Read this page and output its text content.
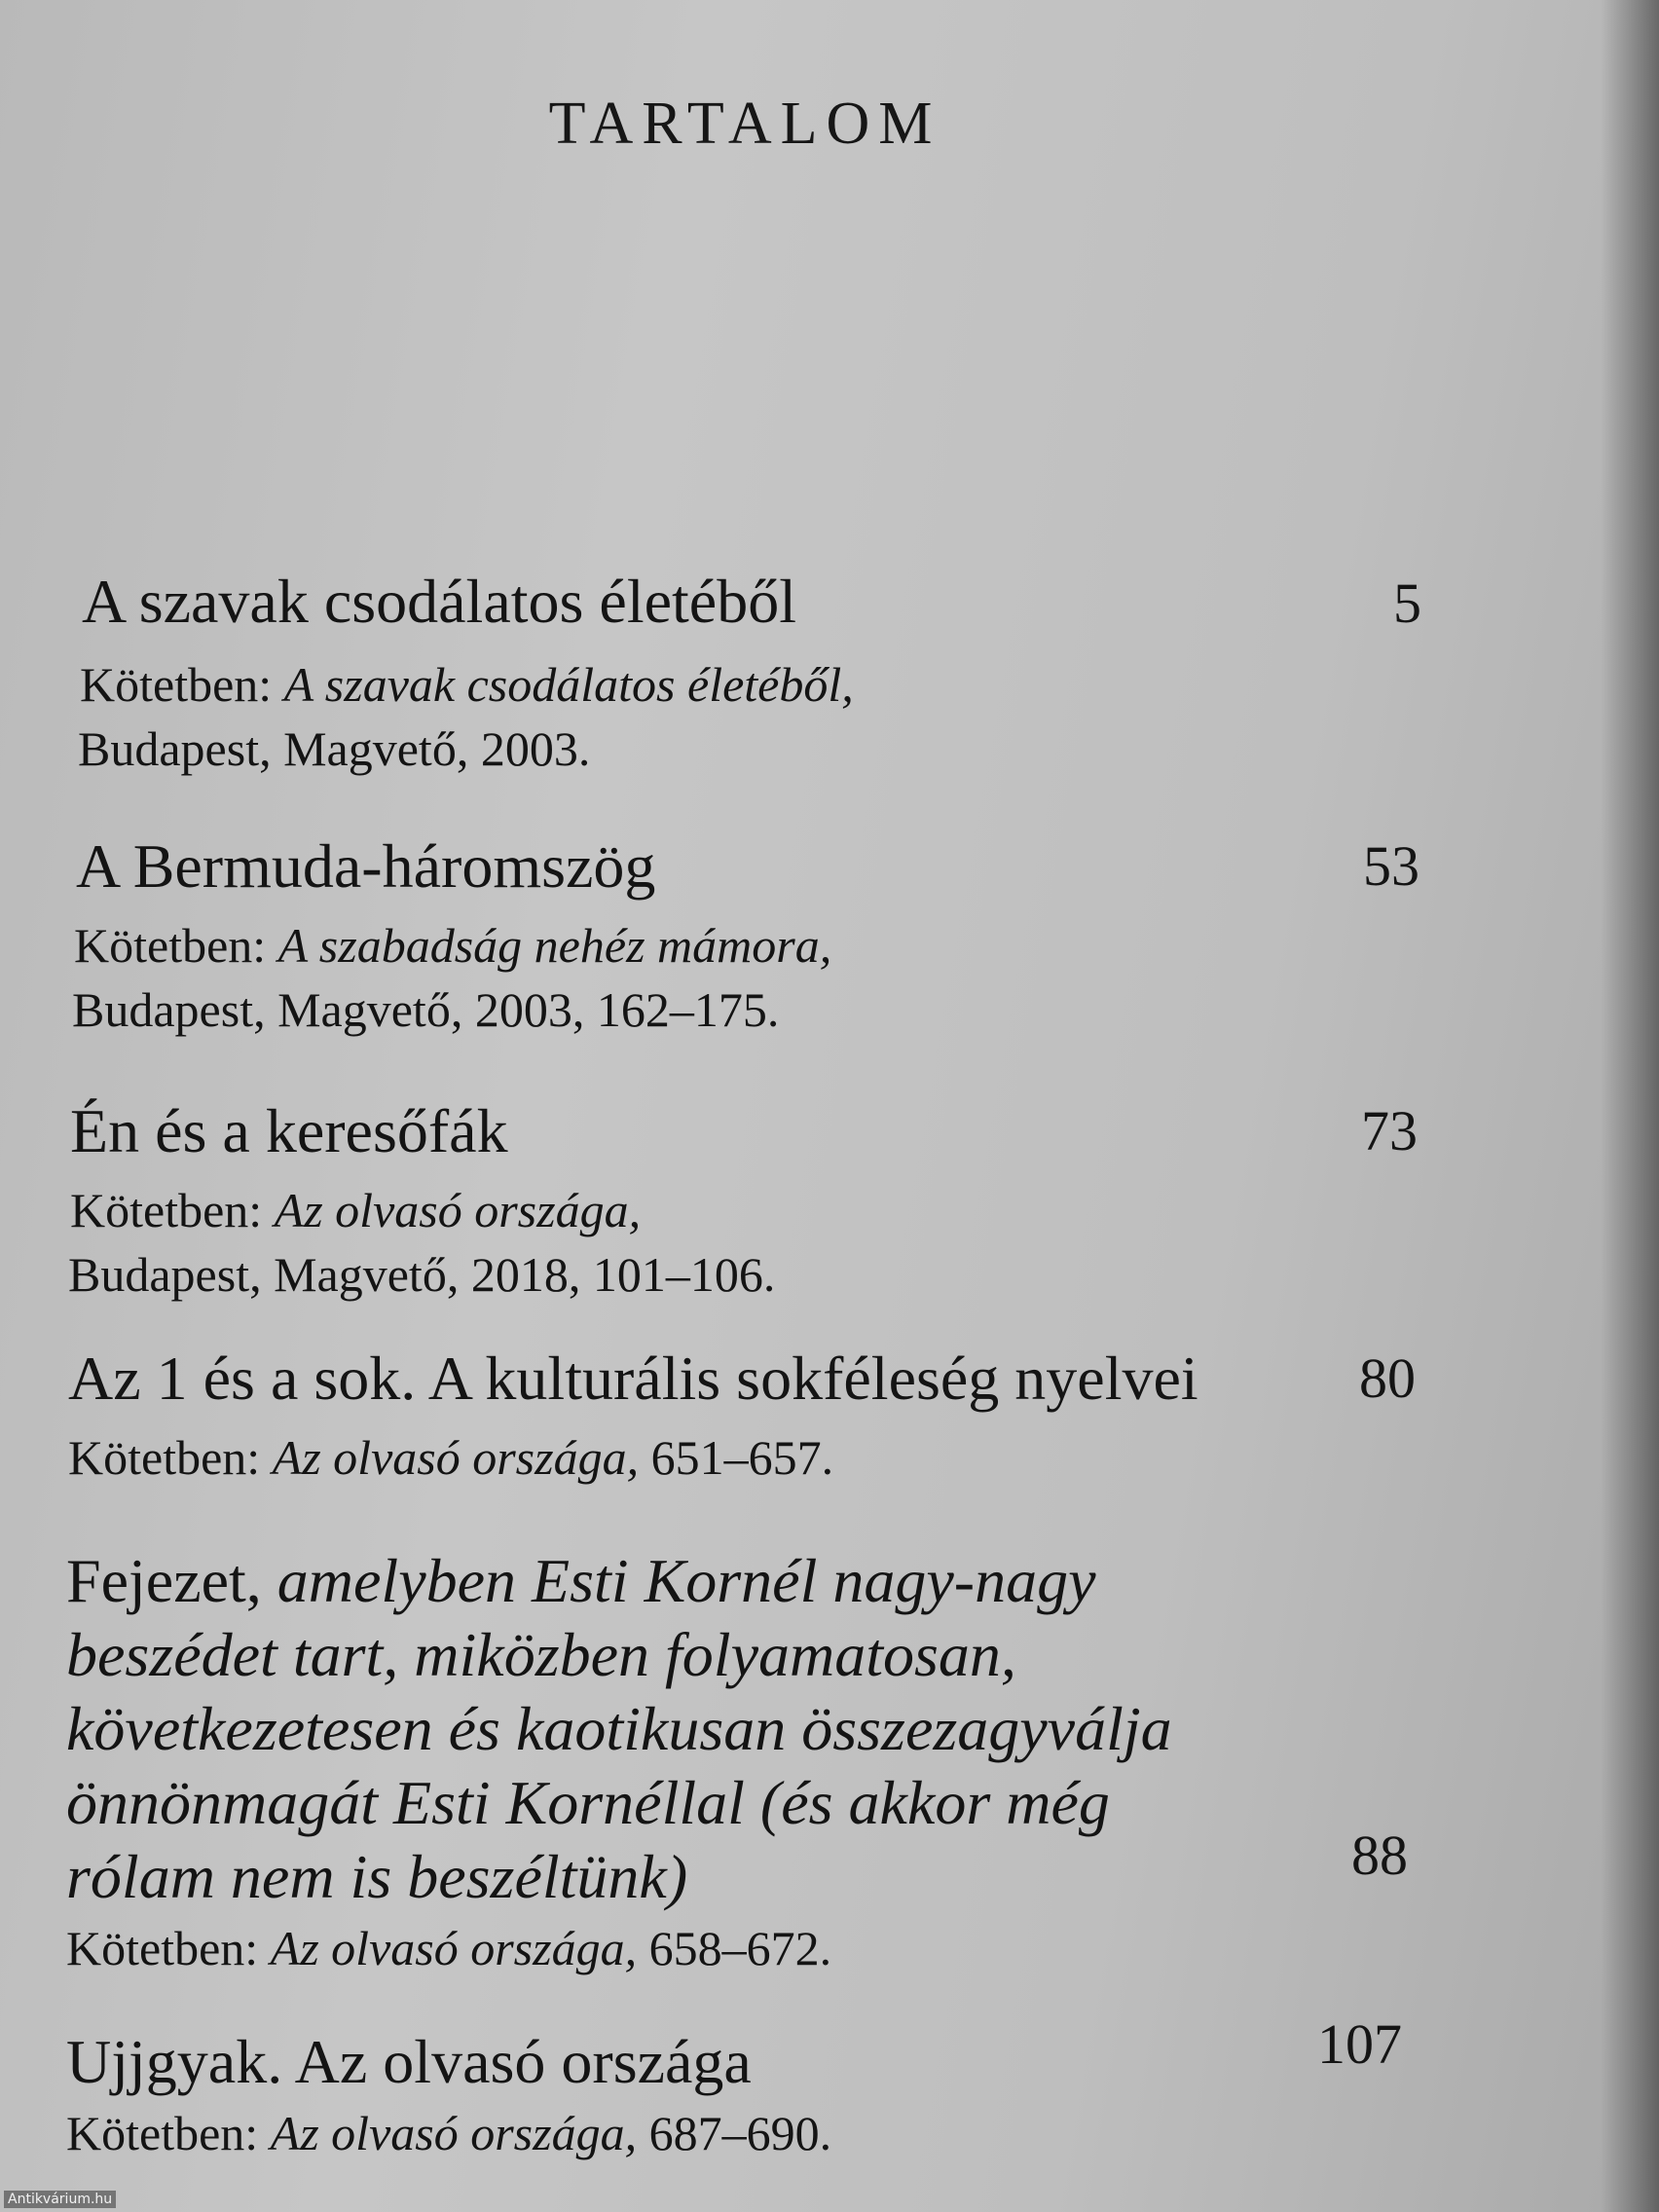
TARTALOM
A szavak csodálatos életéből	5
Kötetben: A szavak csodálatos életéből,
Budapest, Magvető, 2003.
A Bermuda-háromszög	53
Kötetben: A szabadság nehéz mámora,
Budapest, Magvető, 2003, 162–175.
Én és a keresőfák	73
Kötetben: Az olvasó országa,
Budapest, Magvető, 2018, 101–106.
Az 1 és a sok. A kulturális sokféleség nyelvei	80
Kötetben: Az olvasó országa, 651–657.
Fejezet, amelyben Esti Kornél nagy-nagy
beszédet tart, miközben folyamatosan,
következetesen és kaotikusan összezagyválja
önnönmagát Esti Kornéllal (és akkor még
rólam nem is beszéltünk)	88
Kötetben: Az olvasó országa, 658–672.
Ujjgyak. Az olvasó országa	107
Kötetben: Az olvasó országa, 687–690.
Antikvárium.hu
